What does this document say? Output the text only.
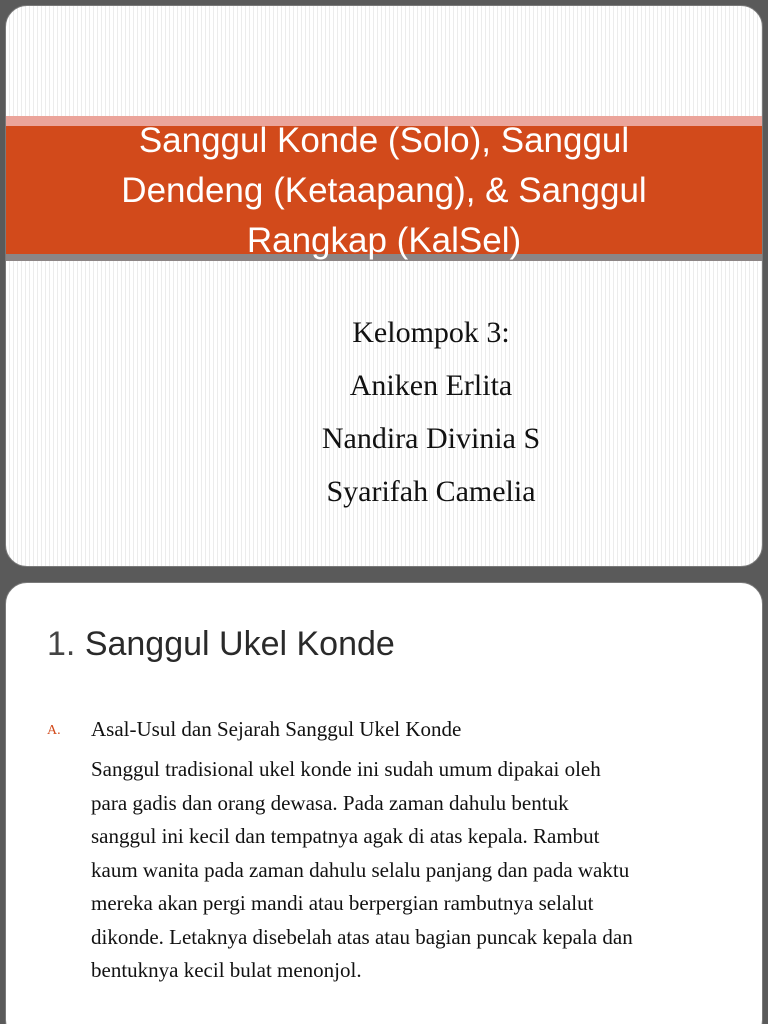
Sanggul Konde (Solo), Sanggul
Dendeng (Ketaapang), & Sanggul
Rangkap (KalSel)
Kelompok 3:
Aniken Erlita
Nandira Divinia S
Syarifah Camelia
1. Sanggul Ukel Konde
A. Asal-Usul dan Sejarah Sanggul Ukel Konde
Sanggul tradisional ukel konde ini sudah umum dipakai oleh
para gadis dan orang dewasa. Pada zaman dahulu bentuk
sanggul ini kecil dan tempatnya agak di atas kepala. Rambut
kaum wanita pada zaman dahulu selalu panjang dan pada waktu
mereka akan pergi mandi atau berpergian rambutnya selalut
dikonde. Letaknya disebelah atas atau bagian puncak kepala dan
bentuknya kecil bulat menonjol.
